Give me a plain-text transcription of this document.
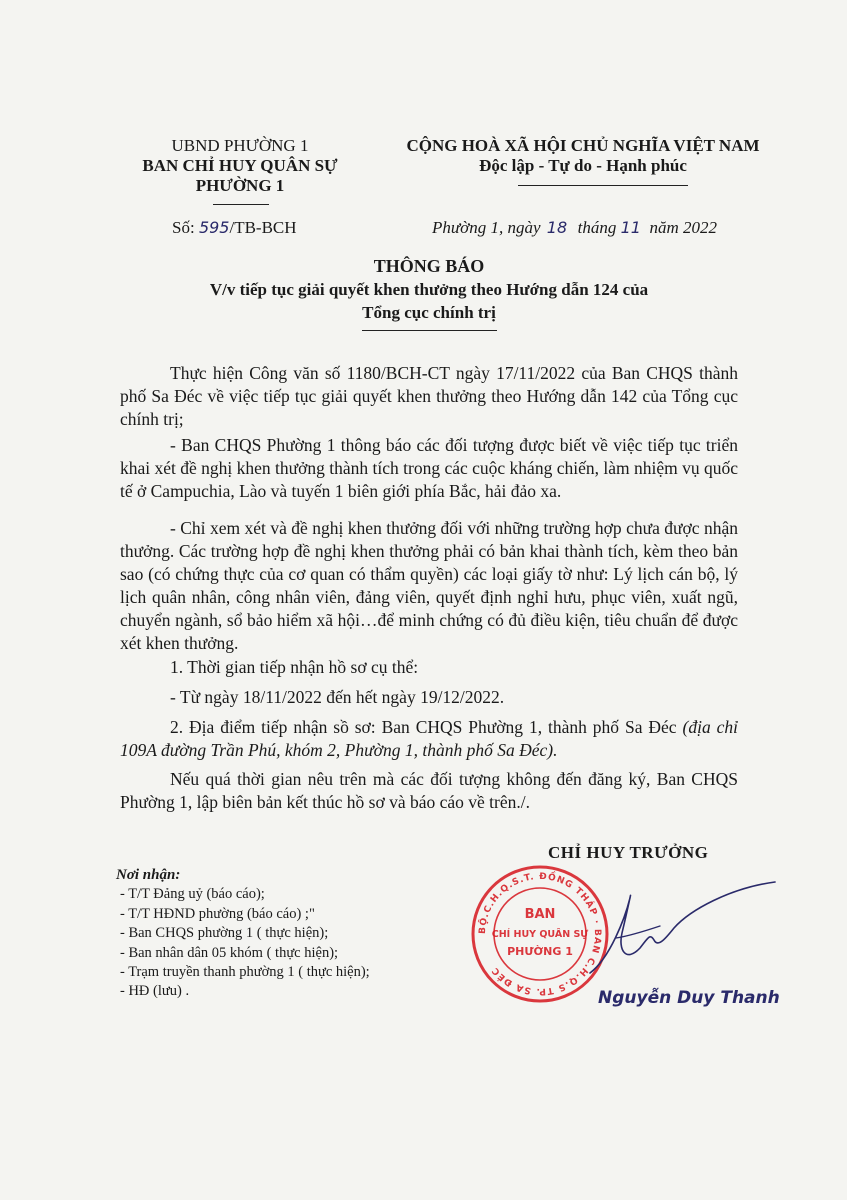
UBND PHƯỜNG 1
BAN CHỈ HUY QUÂN SỰ
PHƯỜNG 1
CỘNG HOÀ XÃ HỘI CHỦ NGHĨA VIỆT NAM
Độc lập - Tự do - Hạnh phúc
Số: 595/TB-BCH	Phường 1, ngày 18 tháng 11 năm 2022
THÔNG BÁO
V/v tiếp tục giải quyết khen thưởng theo Hướng dẫn 124 của
Tổng cục chính trị
Thực hiện Công văn số 1180/BCH-CT ngày 17/11/2022 của Ban CHQS thành phố Sa Đéc về việc tiếp tục giải quyết khen thưởng theo Hướng dẫn 142 của Tổng cục chính trị;
- Ban CHQS Phường 1 thông báo các đối tượng được biết về việc tiếp tục triển khai xét đề nghị khen thưởng thành tích trong các cuộc kháng chiến, làm nhiệm vụ quốc tế ở Campuchia, Lào và tuyến 1 biên giới phía Bắc, hải đảo xa.
- Chỉ xem xét và đề nghị khen thưởng đối với những trường hợp chưa được nhận thưởng. Các trường hợp đề nghị khen thưởng phải có bản khai thành tích, kèm theo bản sao (có chứng thực của cơ quan có thẩm quyền) các loại giấy tờ như: Lý lịch cán bộ, lý lịch quân nhân, công nhân viên, đảng viên, quyết định nghỉ hưu, phục viên, xuất ngũ, chuyển ngành, sổ bảo hiểm xã hội…để minh chứng có đủ điều kiện, tiêu chuẩn để được xét khen thưởng.
1. Thời gian tiếp nhận hồ sơ cụ thể:
- Từ ngày 18/11/2022 đến hết ngày 19/12/2022.
2. Địa điểm tiếp nhận sồ sơ: Ban CHQS Phường 1, thành phố Sa Đéc (địa chỉ 109A đường Trần Phú, khóm 2, Phường 1, thành phố Sa Đéc).
Nếu quá thời gian nêu trên mà các đối tượng không đến đăng ký, Ban CHQS Phường 1, lập biên bản kết thúc hồ sơ và báo cáo về trên./.
Nơi nhận:
- T/T Đảng uỷ (báo cáo);
- T/T HĐND phường (báo cáo) ;"
- Ban CHQS phường 1 ( thực hiện);
- Ban nhân dân 05 khóm ( thực hiện);
- Trạm truyền thanh phường 1 ( thực hiện);
- HĐ (lưu) .
CHỈ HUY TRƯỞNG
BỘ.C.H.Q.S.T. ĐỒNG THÁP · BAN C.H.Q.S TP. SA ĐÉC
BAN
CHỈ HUY QUÂN SỰ
PHƯỜNG 1
Nguyễn Duy Thanh
